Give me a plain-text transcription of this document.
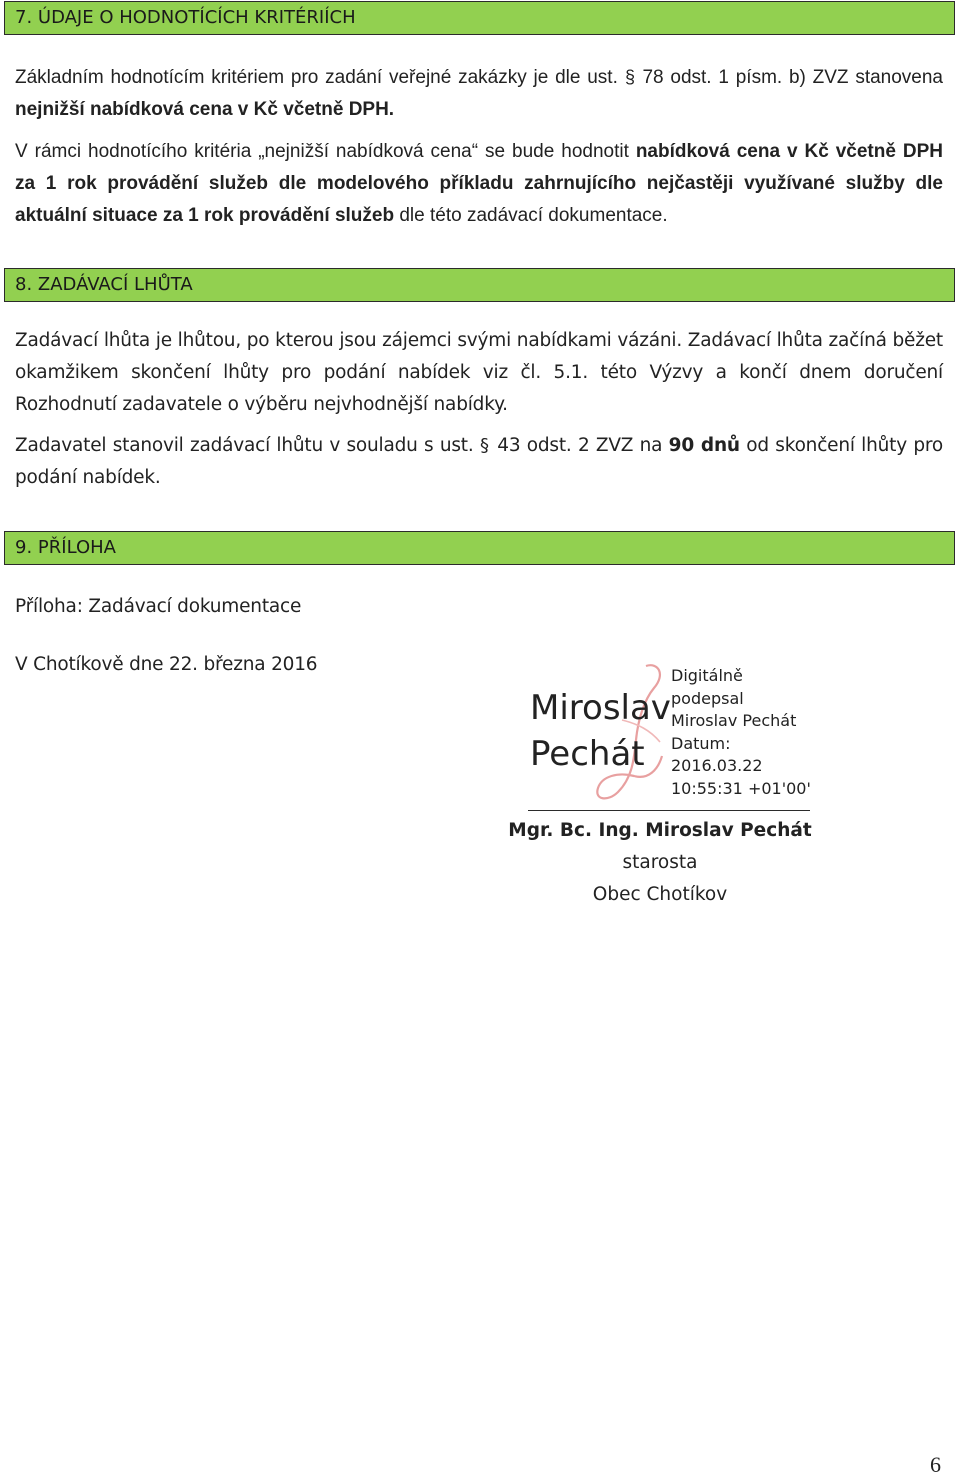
7. ÚDAJE O HODNOTÍCÍCH KRITÉRIÍCH

Základním hodnotícím kritériem pro zadání veřejné zakázky je dle ust. § 78 odst. 1 písm. b) ZVZ stanovena nejnižší nabídková cena v Kč včetně DPH.

V rámci hodnotícího kritéria „nejnižší nabídková cena“ se bude hodnotit nabídková cena v Kč včetně DPH za 1 rok provádění služeb dle modelového příkladu zahrnujícího nejčastěji využívané služby dle aktuální situace za 1 rok provádění služeb dle této zadávací dokumentace.

8. ZADÁVACÍ LHŮTA

Zadávací lhůta je lhůtou, po kterou jsou zájemci svými nabídkami vázáni. Zadávací lhůta začíná běžet okamžikem skončení lhůty pro podání nabídek viz čl. 5.1. této Výzvy a končí dnem doručení Rozhodnutí zadavatele o výběru nejvhodnější nabídky.

Zadavatel stanovil zadávací lhůtu v souladu s ust. § 43 odst. 2 ZVZ na 90 dnů od skončení lhůty pro podání nabídek.

9. PŘÍLOHA

Příloha: Zadávací dokumentace

V Chotíkově dne 22. března 2016

Miroslav
Pechát
Digitálně
podepsal
Miroslav Pechát
Datum:
2016.03.22
10:55:31 +01'00'
Mgr. Bc. Ing. Miroslav Pechát
starosta
Obec Chotíkov
6
